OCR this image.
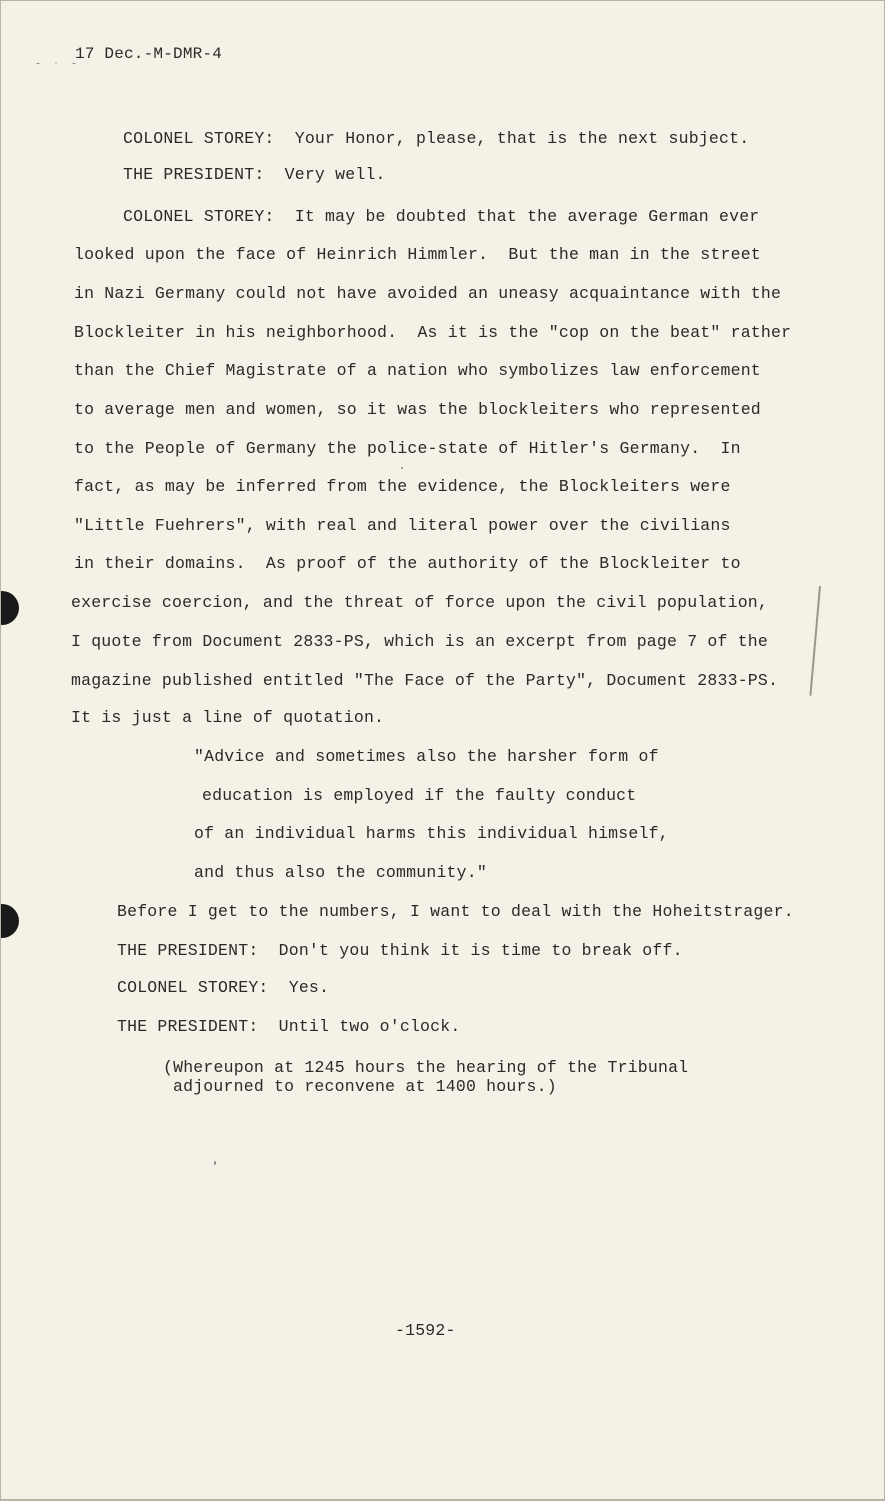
˘ ˙ ˘
17 Dec.-M-DMR-4
COLONEL STOREY:  Your Honor, please, that is the next subject.
THE PRESIDENT:  Very well.
COLONEL STOREY:  It may be doubted that the average German ever
looked upon the face of Heinrich Himmler.  But the man in the street
in Nazi Germany could not have avoided an uneasy acquaintance with the
Blockleiter in his neighborhood.  As it is the "cop on the beat" rather
than the Chief Magistrate of a nation who symbolizes law enforcement
to average men and women, so it was the blockleiters who represented
to the People of Germany the police-state of Hitler's Germany.  In
fact, as may be inferred from the evidence, the Blockleiters were
"Little Fuehrers", with real and literal power over the civilians
in their domains.  As proof of the authority of the Blockleiter to
exercise coercion, and the threat of force upon the civil population,
I quote from Document 2833-PS, which is an excerpt from page 7 of the
magazine published entitled "The Face of the Party", Document 2833-PS.
It is just a line of quotation.
"Advice and sometimes also the harsher form of
education is employed if the faulty conduct
of an individual harms this individual himself,
and thus also the community."
Before I get to the numbers, I want to deal with the Hoheitstrager.
THE PRESIDENT:  Don't you think it is time to break off.
COLONEL STOREY:  Yes.
THE PRESIDENT:  Until two o'clock.
(Whereupon at 1245 hours the hearing of the Tribunal
adjourned to reconvene at 1400 hours.)
-1592-
